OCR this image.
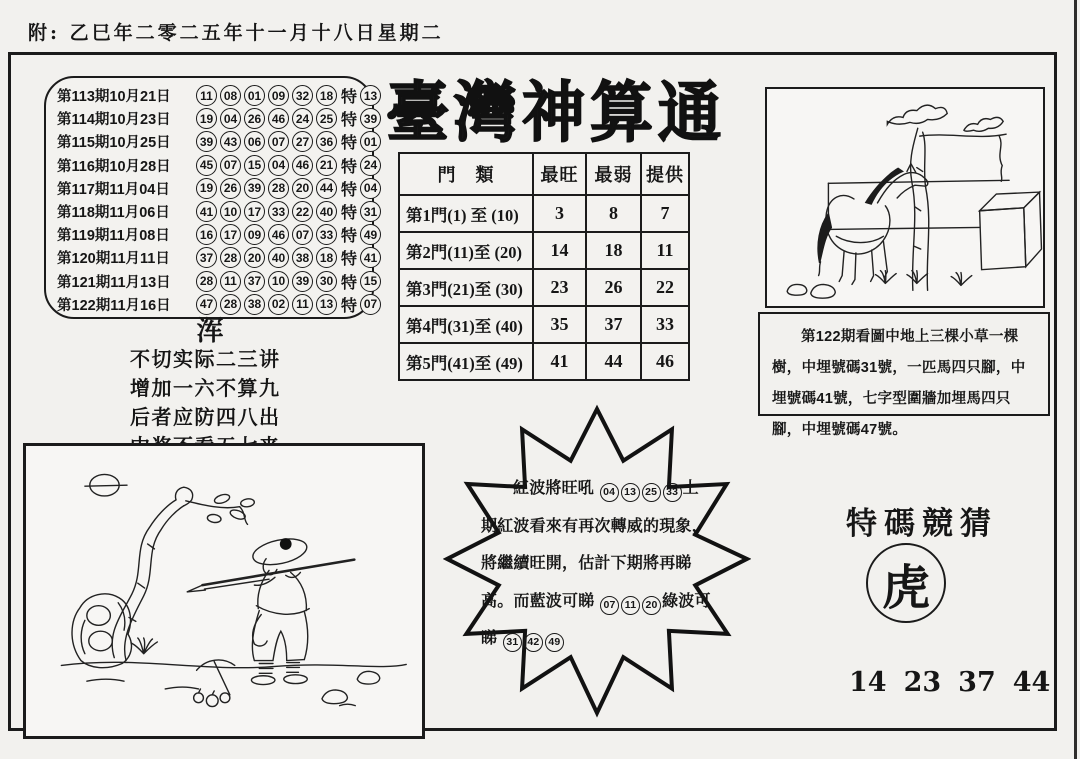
附: 乙巳年二零二五年十一月十八日星期二
第113期10月21日	11 08 01 09 32 18 特 13
第114期10月23日	19 04 26 46 24 25 特 39
第115期10月25日	39 43 06 07 27 36 特 01
第116期10月28日	45 07 15 04 46 21 特 24
第117期11月04日	19 26 39 28 20 44 特 04
第118期11月06日	41 10 17 33 22 40 特 31
第119期11月08日	16 17 09 46 07 33 特 49
第120期11月11日	37 28 20 40 38 18 特 41
第121期11月13日	28 11 37 10 39 30 特 15
第122期11月16日	47 28 38 02 11 13 特 07
臺灣神算通
門　類	最旺	最弱	提供
第1門(1) 至 (10)	3	8	7
第2門(11)至 (20)	14	18	11
第3門(21)至 (30)	23	26	22
第4門(31)至 (40)	35	37	33
第5門(41)至 (49)	41	44	46
第122期看圖中地上三棵小草一棵樹，中埋號碼31號，一匹馬四只腳，中埋號碼41號，七字型圍牆加埋馬四只腳，中埋號碼47號。
浑
不切实际二三讲
增加一六不算九
后者应防四八出
紅波將旺吼 04 13 25 33 上期紅波看來有再次轉威的現象，將繼續旺開，估計下期將再睇高。而藍波可睇 07 11 20 綠波可睇 31 42 49
特碼競猜
虎
14 23 37 44
